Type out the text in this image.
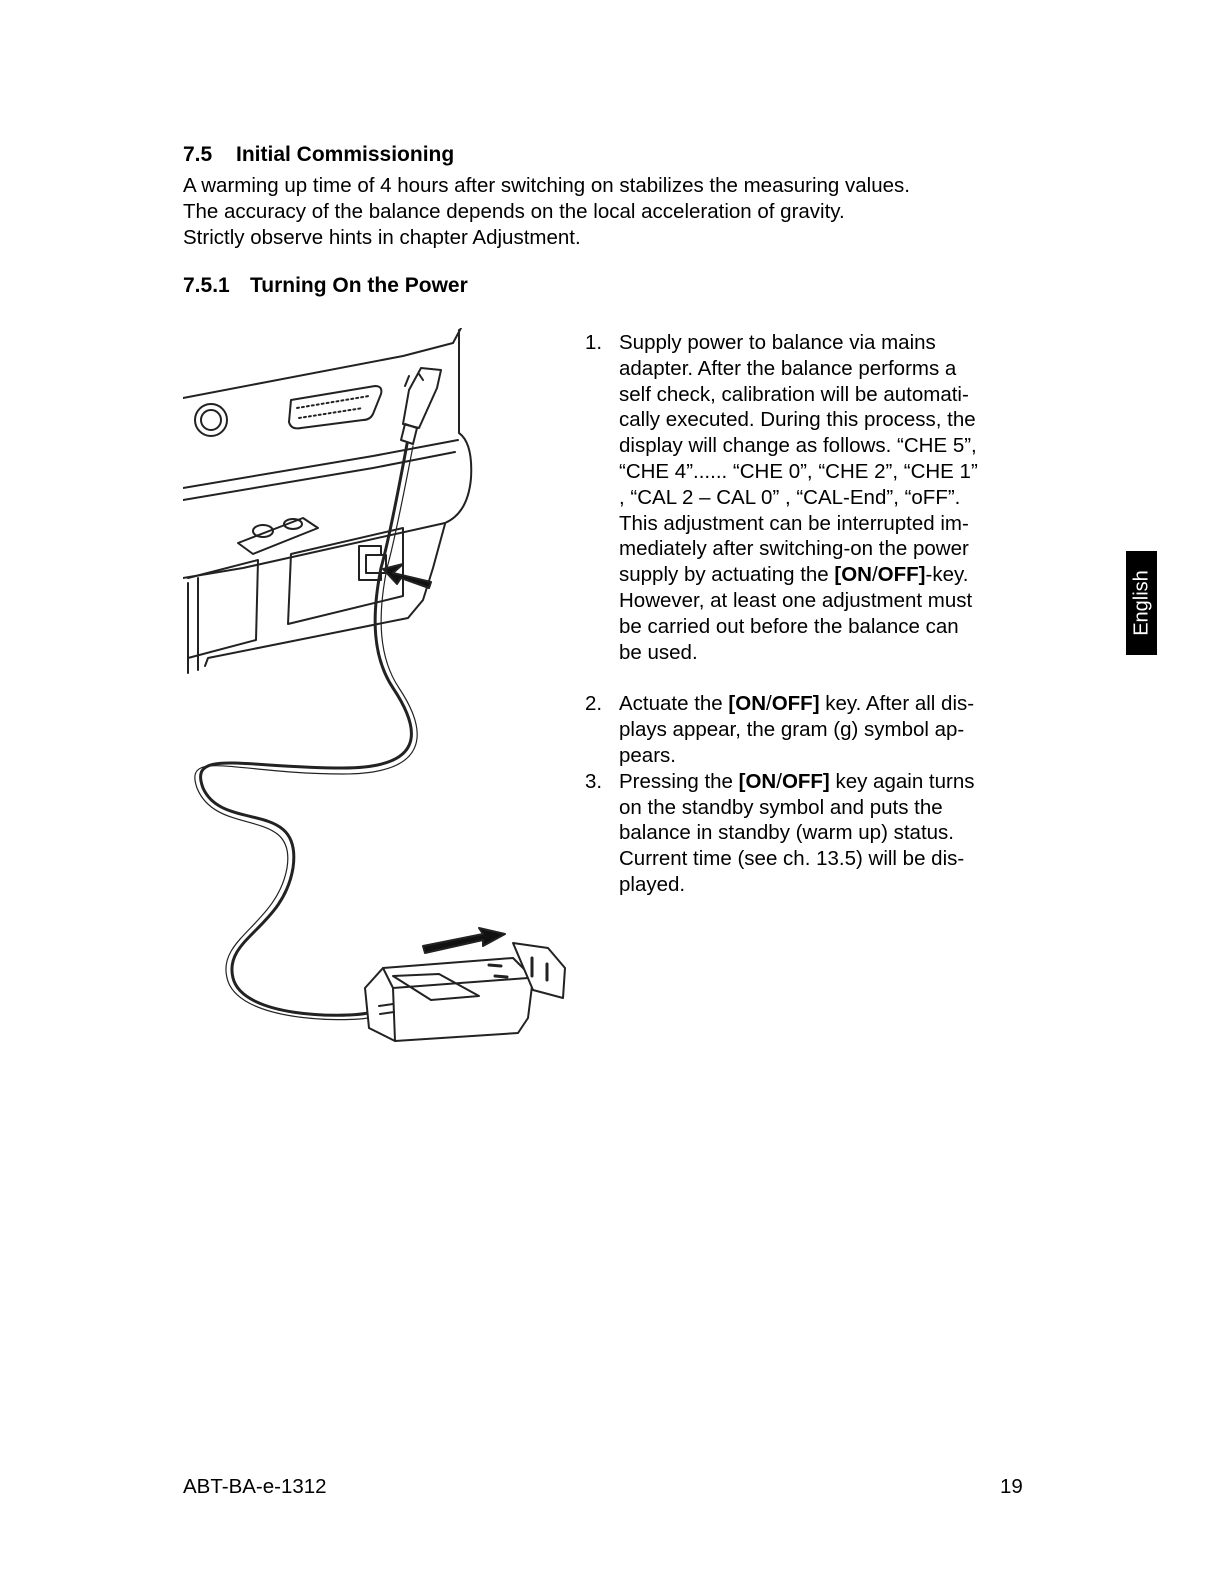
7.5 Initial Commissioning

A warming up time of 4 hours after switching on stabilizes the measuring values.

The accuracy of the balance depends on the local acceleration of gravity.

Strictly observe hints in chapter Adjustment.

7.5.1 Turning On the Power
1. Supply power to balance via mains
adapter. After the balance performs a
self check, calibration will be automati-
cally executed. During this process, the
display will change as follows. “CHE 5”,
“CHE 4”...... “CHE 0”, “CHE 2”, “CHE 1”
, “CAL 2 – CAL 0” , “CAL-End”, “oFF”.
This adjustment can be interrupted im-
mediately after switching-on the power
supply by actuating the [ON/OFF]-key.
However, at least one adjustment must
be carried out before the balance can
be used.
2. Actuate the [ON/OFF] key. After all dis-
plays appear, the gram (g) symbol ap-
pears.
3. Pressing the [ON/OFF] key again turns
on the standby symbol and puts the
balance in standby (warm up) status.
Current time (see ch. 13.5) will be dis-
played.
English
ABT-BA-e-1312	19
